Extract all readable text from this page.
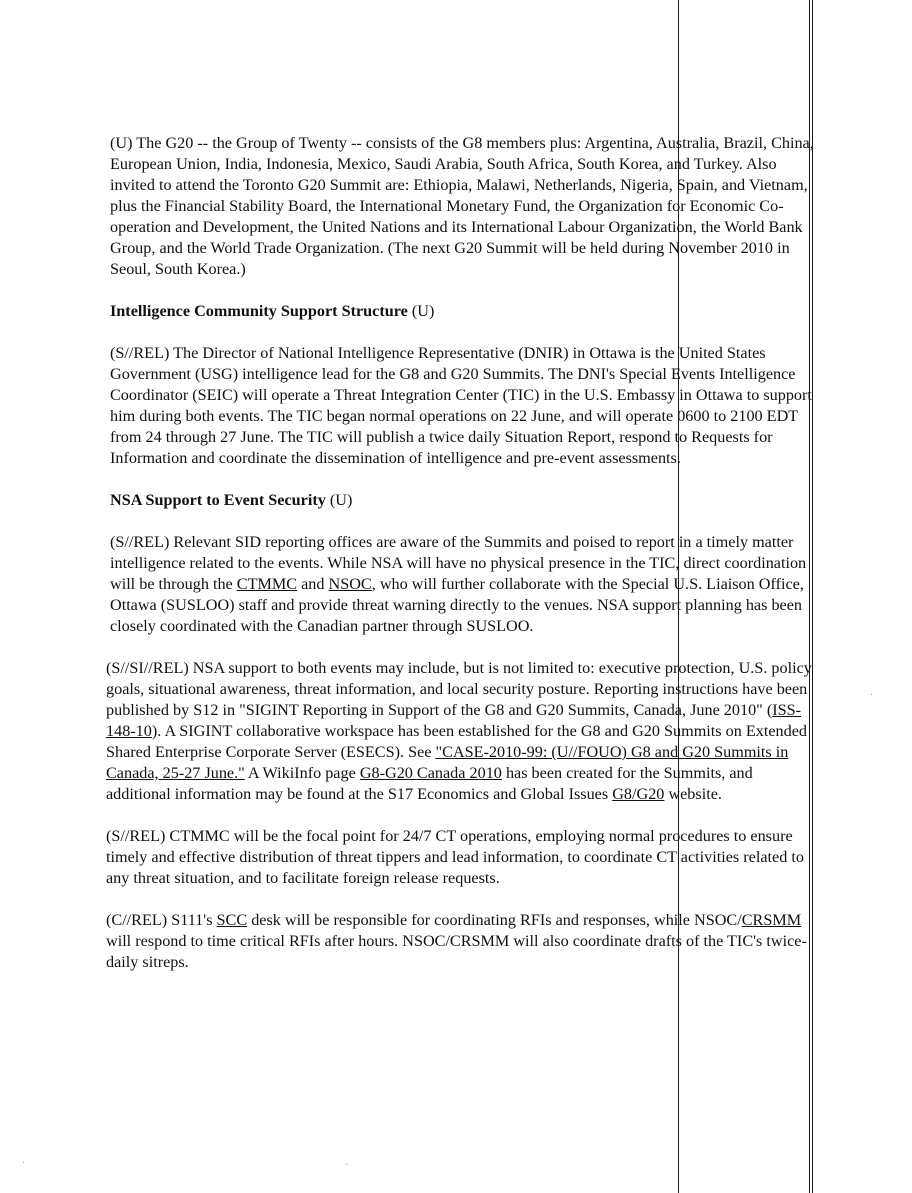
(U) The G20 -- the Group of Twenty -- consists of the G8 members plus: Argentina, Australia, Brazil, China, European Union, India, Indonesia, Mexico, Saudi Arabia, South Africa, South Korea, and Turkey. Also invited to attend the Toronto G20 Summit are: Ethiopia, Malawi, Netherlands, Nigeria, Spain, and Vietnam, plus the Financial Stability Board, the International Monetary Fund, the Organization for Economic Co-operation and Development, the United Nations and its International Labour Organization, the World Bank Group, and the World Trade Organization. (The next G20 Summit will be held during November 2010 in Seoul, South Korea.)

Intelligence Community Support Structure (U)

(S//REL) The Director of National Intelligence Representative (DNIR) in Ottawa is the United States Government (USG) intelligence lead for the G8 and G20 Summits. The DNI's Special Events Intelligence Coordinator (SEIC) will operate a Threat Integration Center (TIC) in the U.S. Embassy in Ottawa to support him during both events. The TIC began normal operations on 22 June, and will operate 0600 to 2100 EDT from 24 through 27 June. The TIC will publish a twice daily Situation Report, respond to Requests for Information and coordinate the dissemination of intelligence and pre-event assessments.

NSA Support to Event Security (U)

(S//REL) Relevant SID reporting offices are aware of the Summits and poised to report in a timely matter intelligence related to the events. While NSA will have no physical presence in the TIC, direct coordination will be through the CTMMC and NSOC, who will further collaborate with the Special U.S. Liaison Office, Ottawa (SUSLOO) staff and provide threat warning directly to the venues. NSA support planning has been closely coordinated with the Canadian partner through SUSLOO.

(S//SI//REL) NSA support to both events may include, but is not limited to: executive protection, U.S. policy goals, situational awareness, threat information, and local security posture. Reporting instructions have been published by S12 in "SIGINT Reporting in Support of the G8 and G20 Summits, Canada, June 2010" (ISS-148-10). A SIGINT collaborative workspace has been established for the G8 and G20 Summits on Extended Shared Enterprise Corporate Server (ESECS). See "CASE-2010-99: (U//FOUO) G8 and G20 Summits in Canada, 25-27 June." A WikiInfo page G8-G20 Canada 2010 has been created for the Summits, and additional information may be found at the S17 Economics and Global Issues G8/G20 website.

(S//REL) CTMMC will be the focal point for 24/7 CT operations, employing normal procedures to ensure timely and effective distribution of threat tippers and lead information, to coordinate CT activities related to any threat situation, and to facilitate foreign release requests.

(C//REL) S111's SCC desk will be responsible for coordinating RFIs and responses, while NSOC/CRSMM will respond to time critical RFIs after hours. NSOC/CRSMM will also coordinate drafts of the TIC's twice-daily sitreps.

·	·
·
